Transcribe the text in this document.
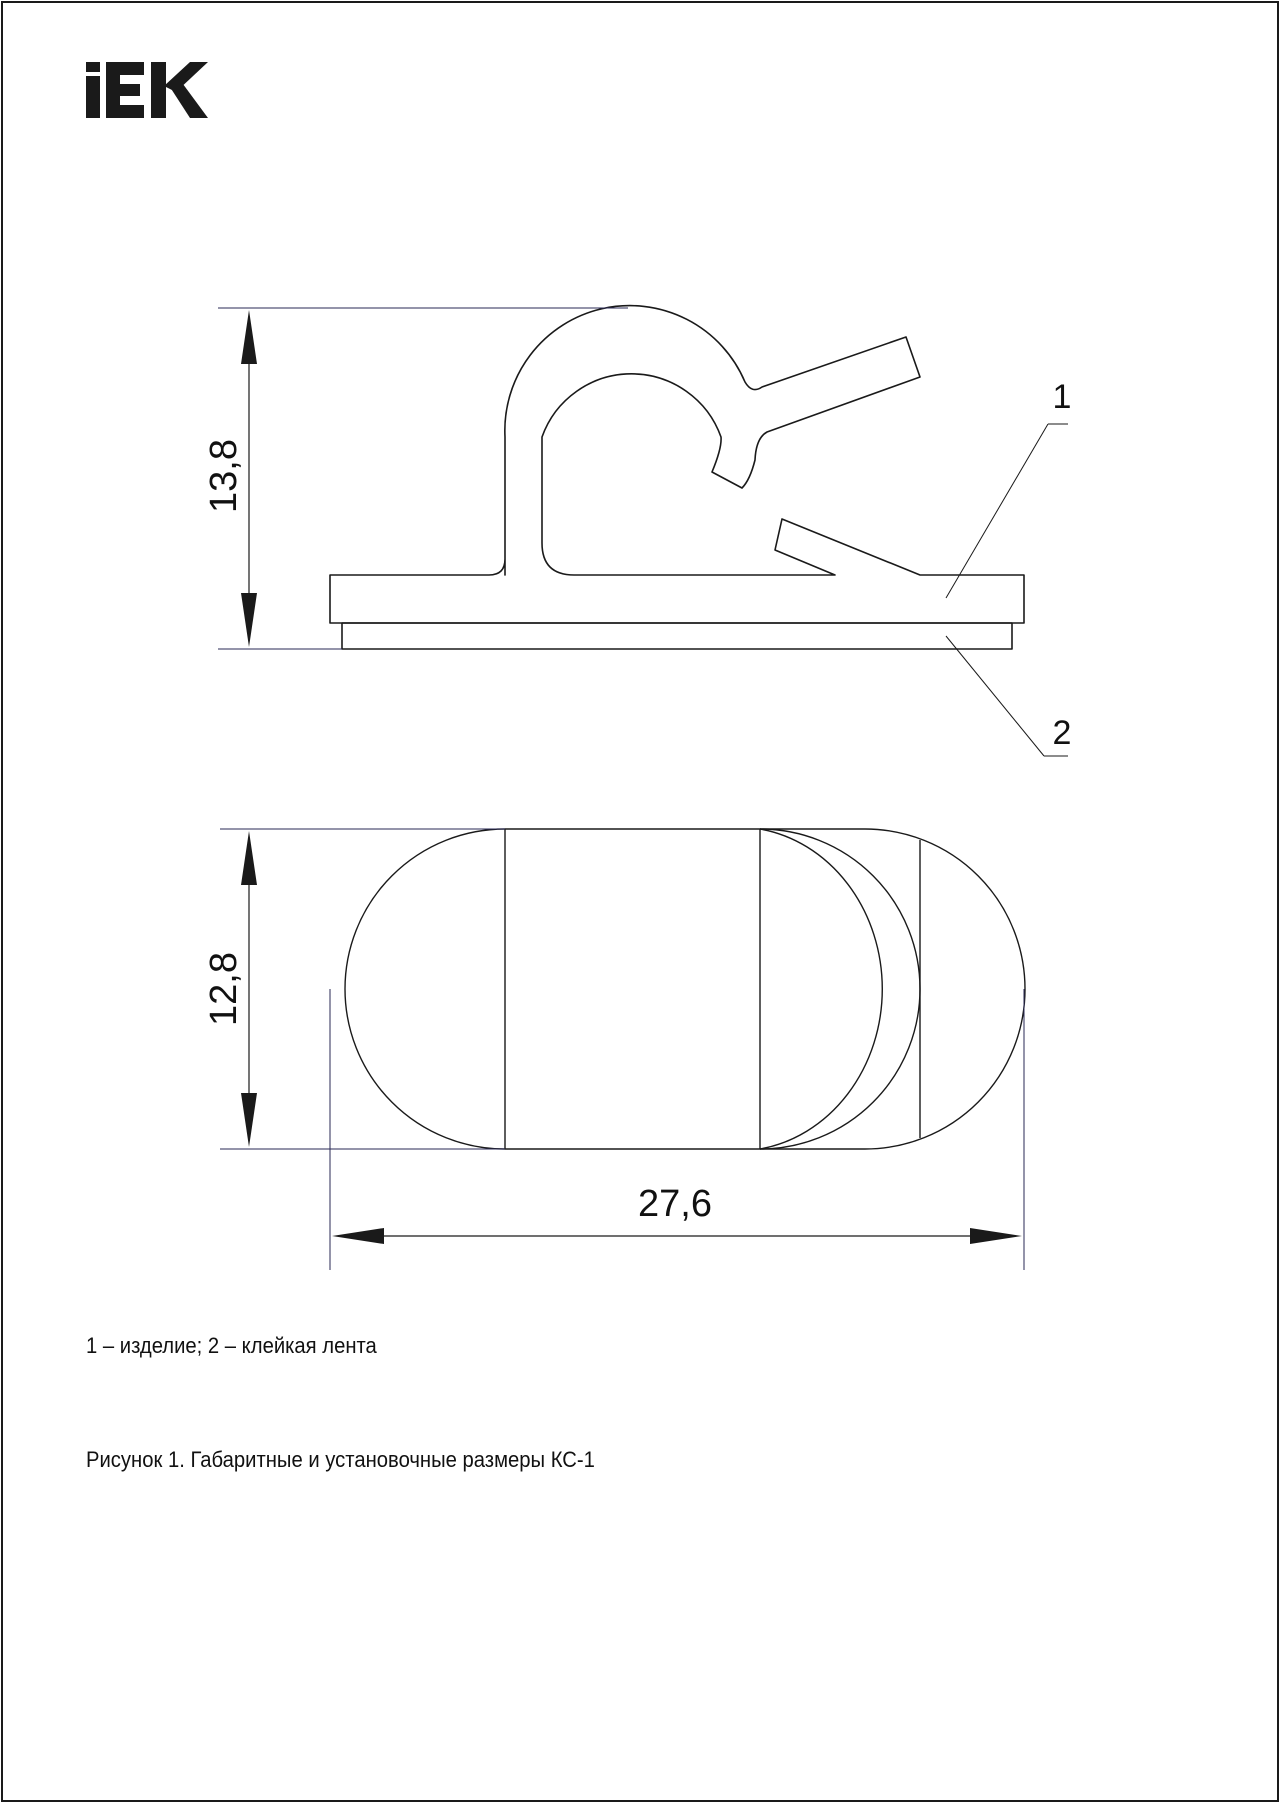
13,8
1
2
12,8
27,6

1 – изделие; 2 – клейкая лента

Рисунок 1. Габаритные и установочные размеры КС-1
